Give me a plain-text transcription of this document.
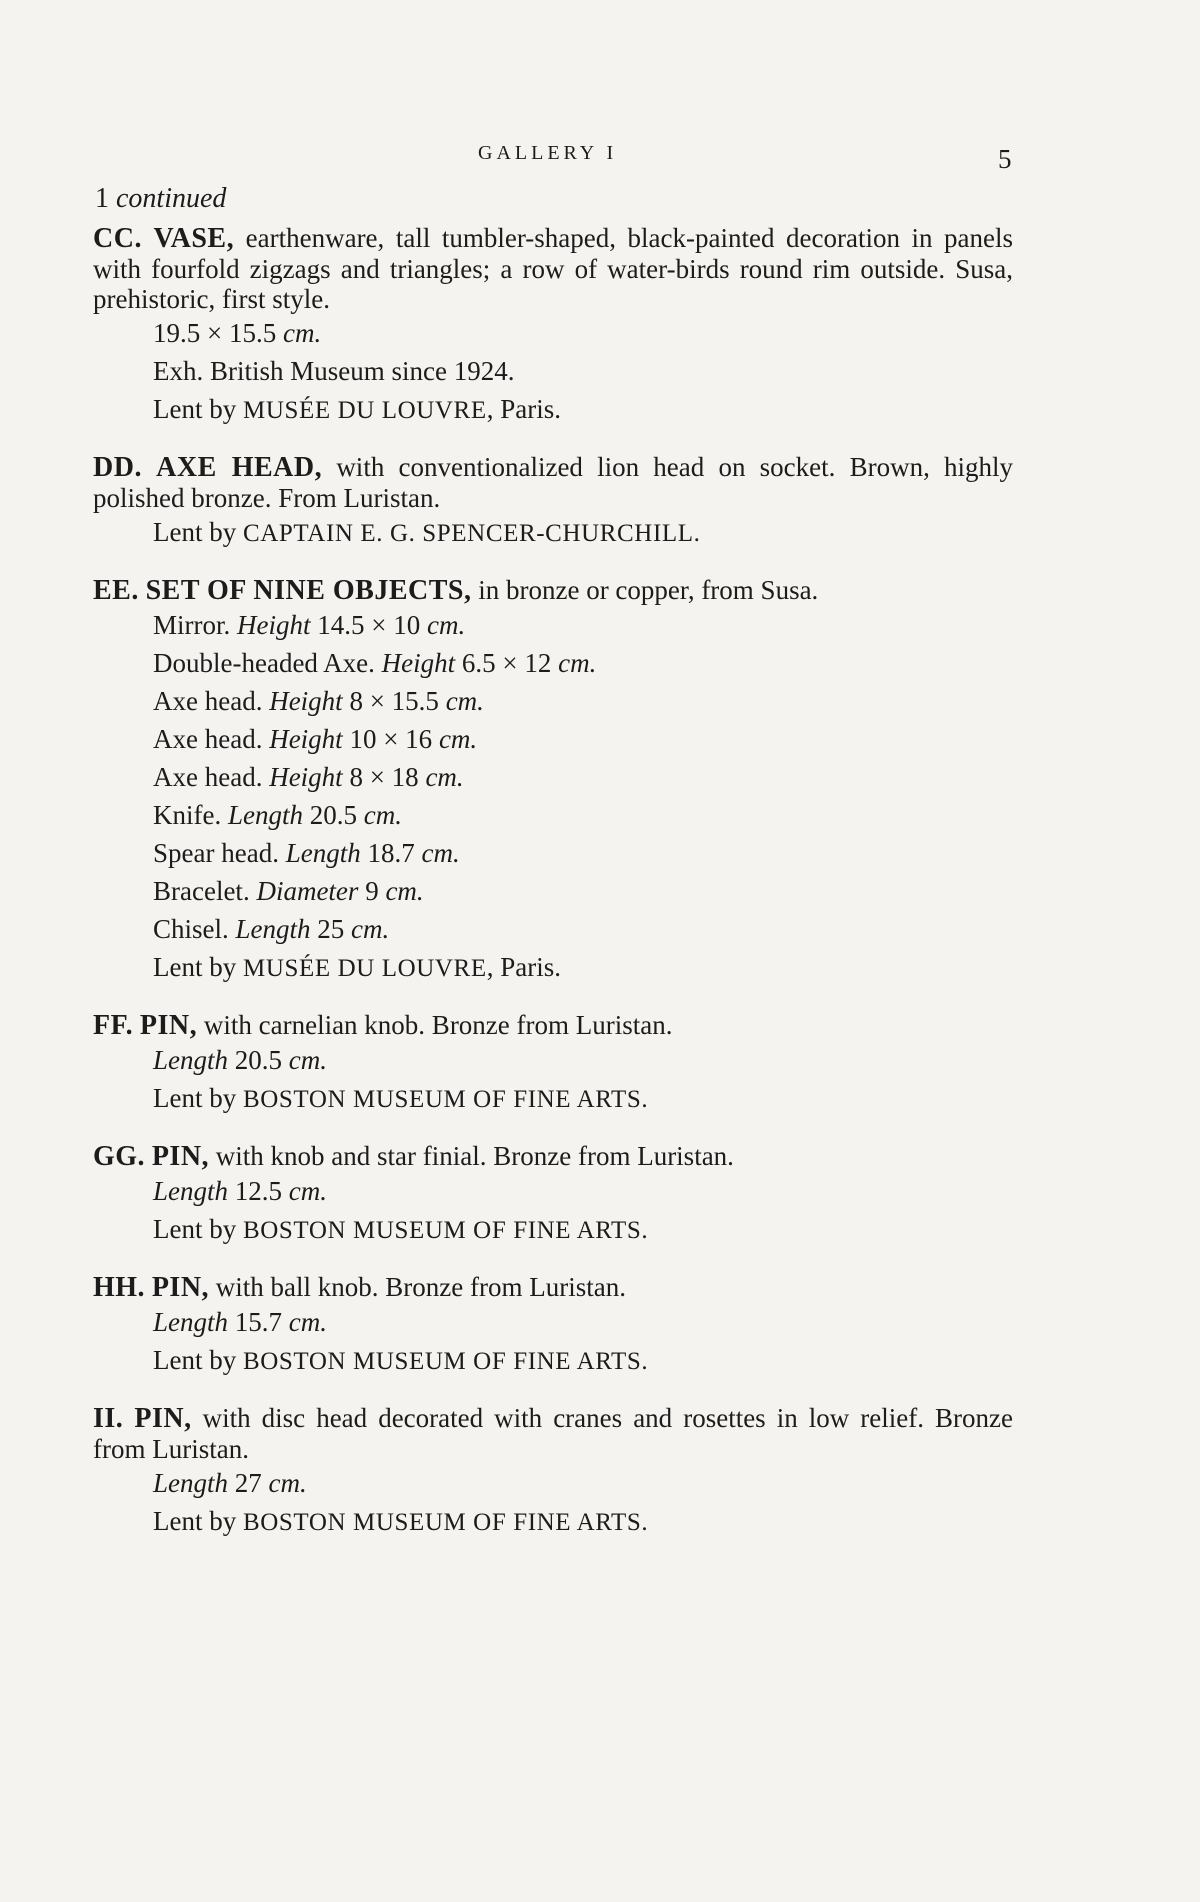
GALLERY I	5
1 continued
CC. VASE, earthenware, tall tumbler-shaped, black-painted decoration in panels with fourfold zigzags and triangles; a row of water-birds round rim outside. Susa, prehistoric, first style.
19.5 × 15.5 cm.
Exh. British Museum since 1924.
Lent by MUSÉE DU LOUVRE, Paris.
DD. AXE HEAD, with conventionalized lion head on socket. Brown, highly polished bronze. From Luristan.
Lent by CAPTAIN E. G. SPENCER-CHURCHILL.
EE. SET OF NINE OBJECTS, in bronze or copper, from Susa.
Mirror. Height 14.5 × 10 cm.
Double-headed Axe. Height 6.5 × 12 cm.
Axe head. Height 8 × 15.5 cm.
Axe head. Height 10 × 16 cm.
Axe head. Height 8 × 18 cm.
Knife. Length 20.5 cm.
Spear head. Length 18.7 cm.
Bracelet. Diameter 9 cm.
Chisel. Length 25 cm.
Lent by MUSÉE DU LOUVRE, Paris.
FF. PIN, with carnelian knob. Bronze from Luristan.
Length 20.5 cm.
Lent by BOSTON MUSEUM OF FINE ARTS.
GG. PIN, with knob and star finial. Bronze from Luristan.
Length 12.5 cm.
Lent by BOSTON MUSEUM OF FINE ARTS.
HH. PIN, with ball knob. Bronze from Luristan.
Length 15.7 cm.
Lent by BOSTON MUSEUM OF FINE ARTS.
II. PIN, with disc head decorated with cranes and rosettes in low relief. Bronze from Luristan.
Length 27 cm.
Lent by BOSTON MUSEUM OF FINE ARTS.
